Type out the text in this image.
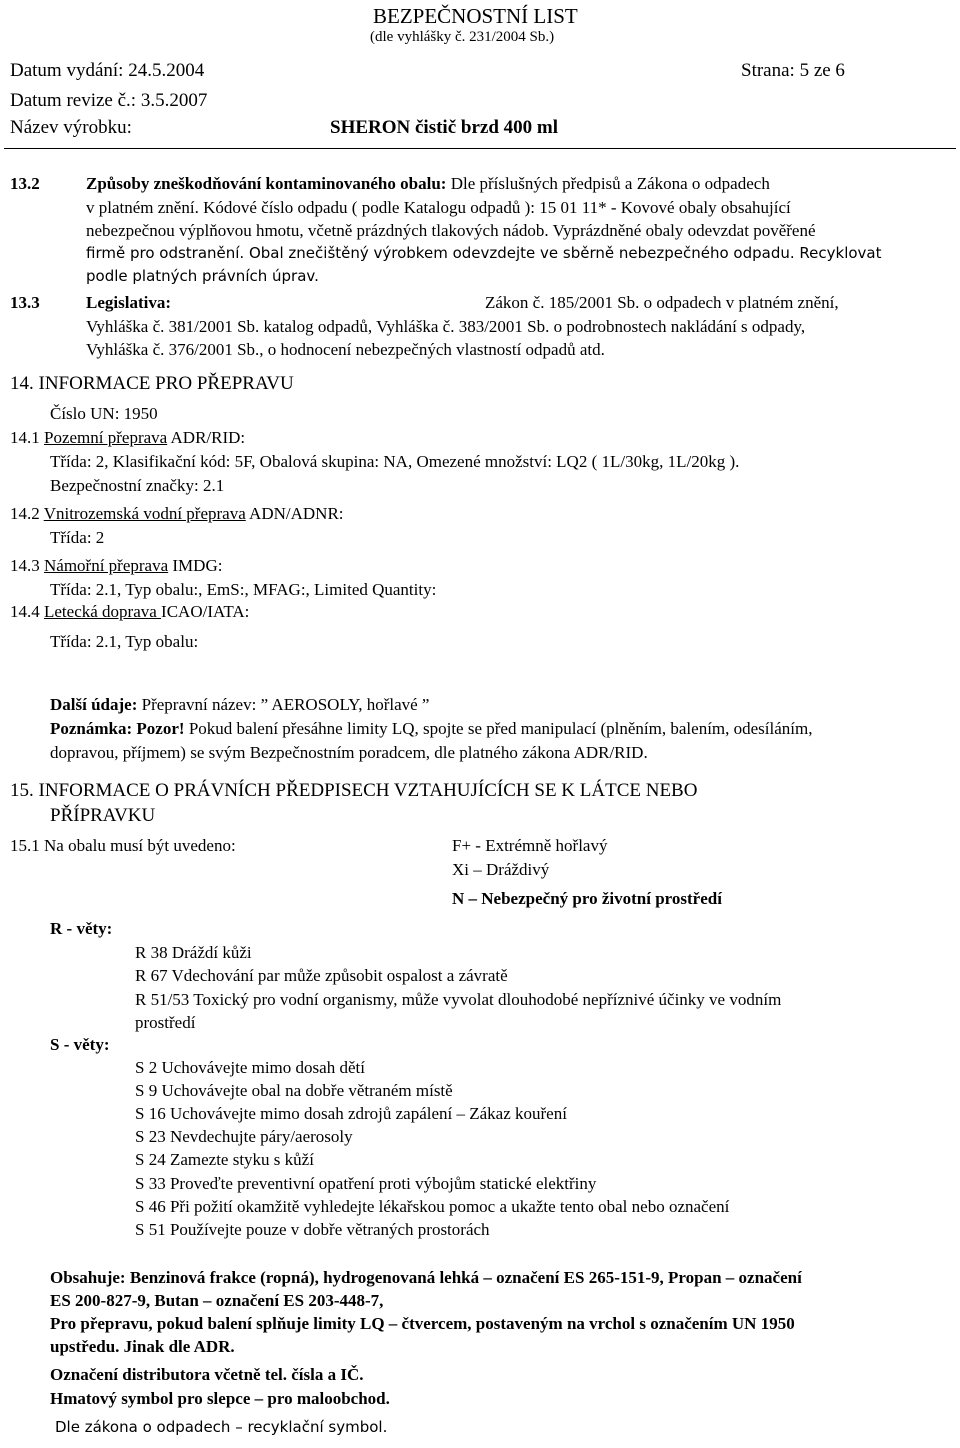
BEZPEČNOSTNÍ LIST
(dle vyhlášky č. 231/2004 Sb.)
Datum vydání: 24.5.2004	Strana: 5 ze 6
Datum revize č.: 3.5.2007
Název výrobku:	SHERON čistič brzd 400 ml
13.2	Způsoby zneškodňování kontaminovaného obalu: Dle příslušných předpisů a Zákona o odpadech
v platném znění. Kódové číslo odpadu ( podle Katalogu odpadů ): 15 01 11* - Kovové obaly obsahující
nebezpečnou výplňovou hmotu, včetně prázdných tlakových nádob. Vyprázdněné obaly odevzdat pověřené
firmě pro odstranění. Obal znečištěný výrobkem odevzdejte ve sběrně nebezpečného odpadu. Recyklovat
podle platných právních úprav.
13.3	Legislativa:	Zákon č. 185/2001 Sb. o odpadech v platném znění,
Vyhláška č. 381/2001 Sb. katalog odpadů, Vyhláška č. 383/2001 Sb. o podrobnostech nakládání s odpady,
Vyhláška č. 376/2001 Sb., o hodnocení nebezpečných vlastností odpadů atd.
14. INFORMACE PRO PŘEPRAVU
Číslo UN: 1950
14.1 Pozemní přeprava ADR/RID:
Třída: 2, Klasifikační kód: 5F, Obalová skupina: NA, Omezené množství: LQ2 ( 1L/30kg, 1L/20kg ).
Bezpečnostní značky: 2.1
14.2 Vnitrozemská vodní přeprava ADN/ADNR:
Třída: 2
14.3 Námořní přeprava IMDG:
Třída: 2.1, Typ obalu:, EmS:, MFAG:, Limited Quantity:
14.4 Letecká doprava ICAO/IATA:
Třída: 2.1, Typ obalu:
Další údaje: Přepravní název: ” AEROSOLY, hořlavé ”
Poznámka: Pozor! Pokud balení přesáhne limity LQ, spojte se před manipulací (plněním, balením, odesíláním,
dopravou, příjmem) se svým Bezpečnostním poradcem, dle platného zákona ADR/RID.
15. INFORMACE O PRÁVNÍCH PŘEDPISECH VZTAHUJÍCÍCH SE K LÁTCE NEBO
PŘÍPRAVKU
15.1 Na obalu musí být uvedeno:	F+ - Extrémně hořlavý
Xi – Dráždivý
N – Nebezpečný pro životní prostředí
R - věty:
R 38 Dráždí kůži
R 67 Vdechování par může způsobit ospalost a závratě
R 51/53 Toxický pro vodní organismy, může vyvolat dlouhodobé nepříznivé účinky ve vodním
prostředí
S - věty:
S 2 Uchovávejte mimo dosah dětí
S 9 Uchovávejte obal na dobře větraném místě
S 16 Uchovávejte mimo dosah zdrojů zapálení – Zákaz kouření
S 23 Nevdechujte páry/aerosoly
S 24 Zamezte styku s kůží
S 33 Proveďte preventivní opatření proti výbojům statické elektřiny
S 46 Při požití okamžitě vyhledejte lékařskou pomoc a ukažte tento obal nebo označení
S 51 Používejte pouze v dobře větraných prostorách
Obsahuje: Benzinová frakce (ropná), hydrogenovaná lehká – označení ES 265-151-9, Propan – označení
ES 200-827-9, Butan – označení ES 203-448-7,
Pro přepravu, pokud balení splňuje limity LQ – čtvercem, postaveným na vrchol s označením UN 1950
upstředu. Jinak dle ADR.
Označení distributora včetně tel. čísla a IČ.
Hmatový symbol pro slepce – pro maloobchod.
Dle zákona o odpadech – recyklační symbol.
